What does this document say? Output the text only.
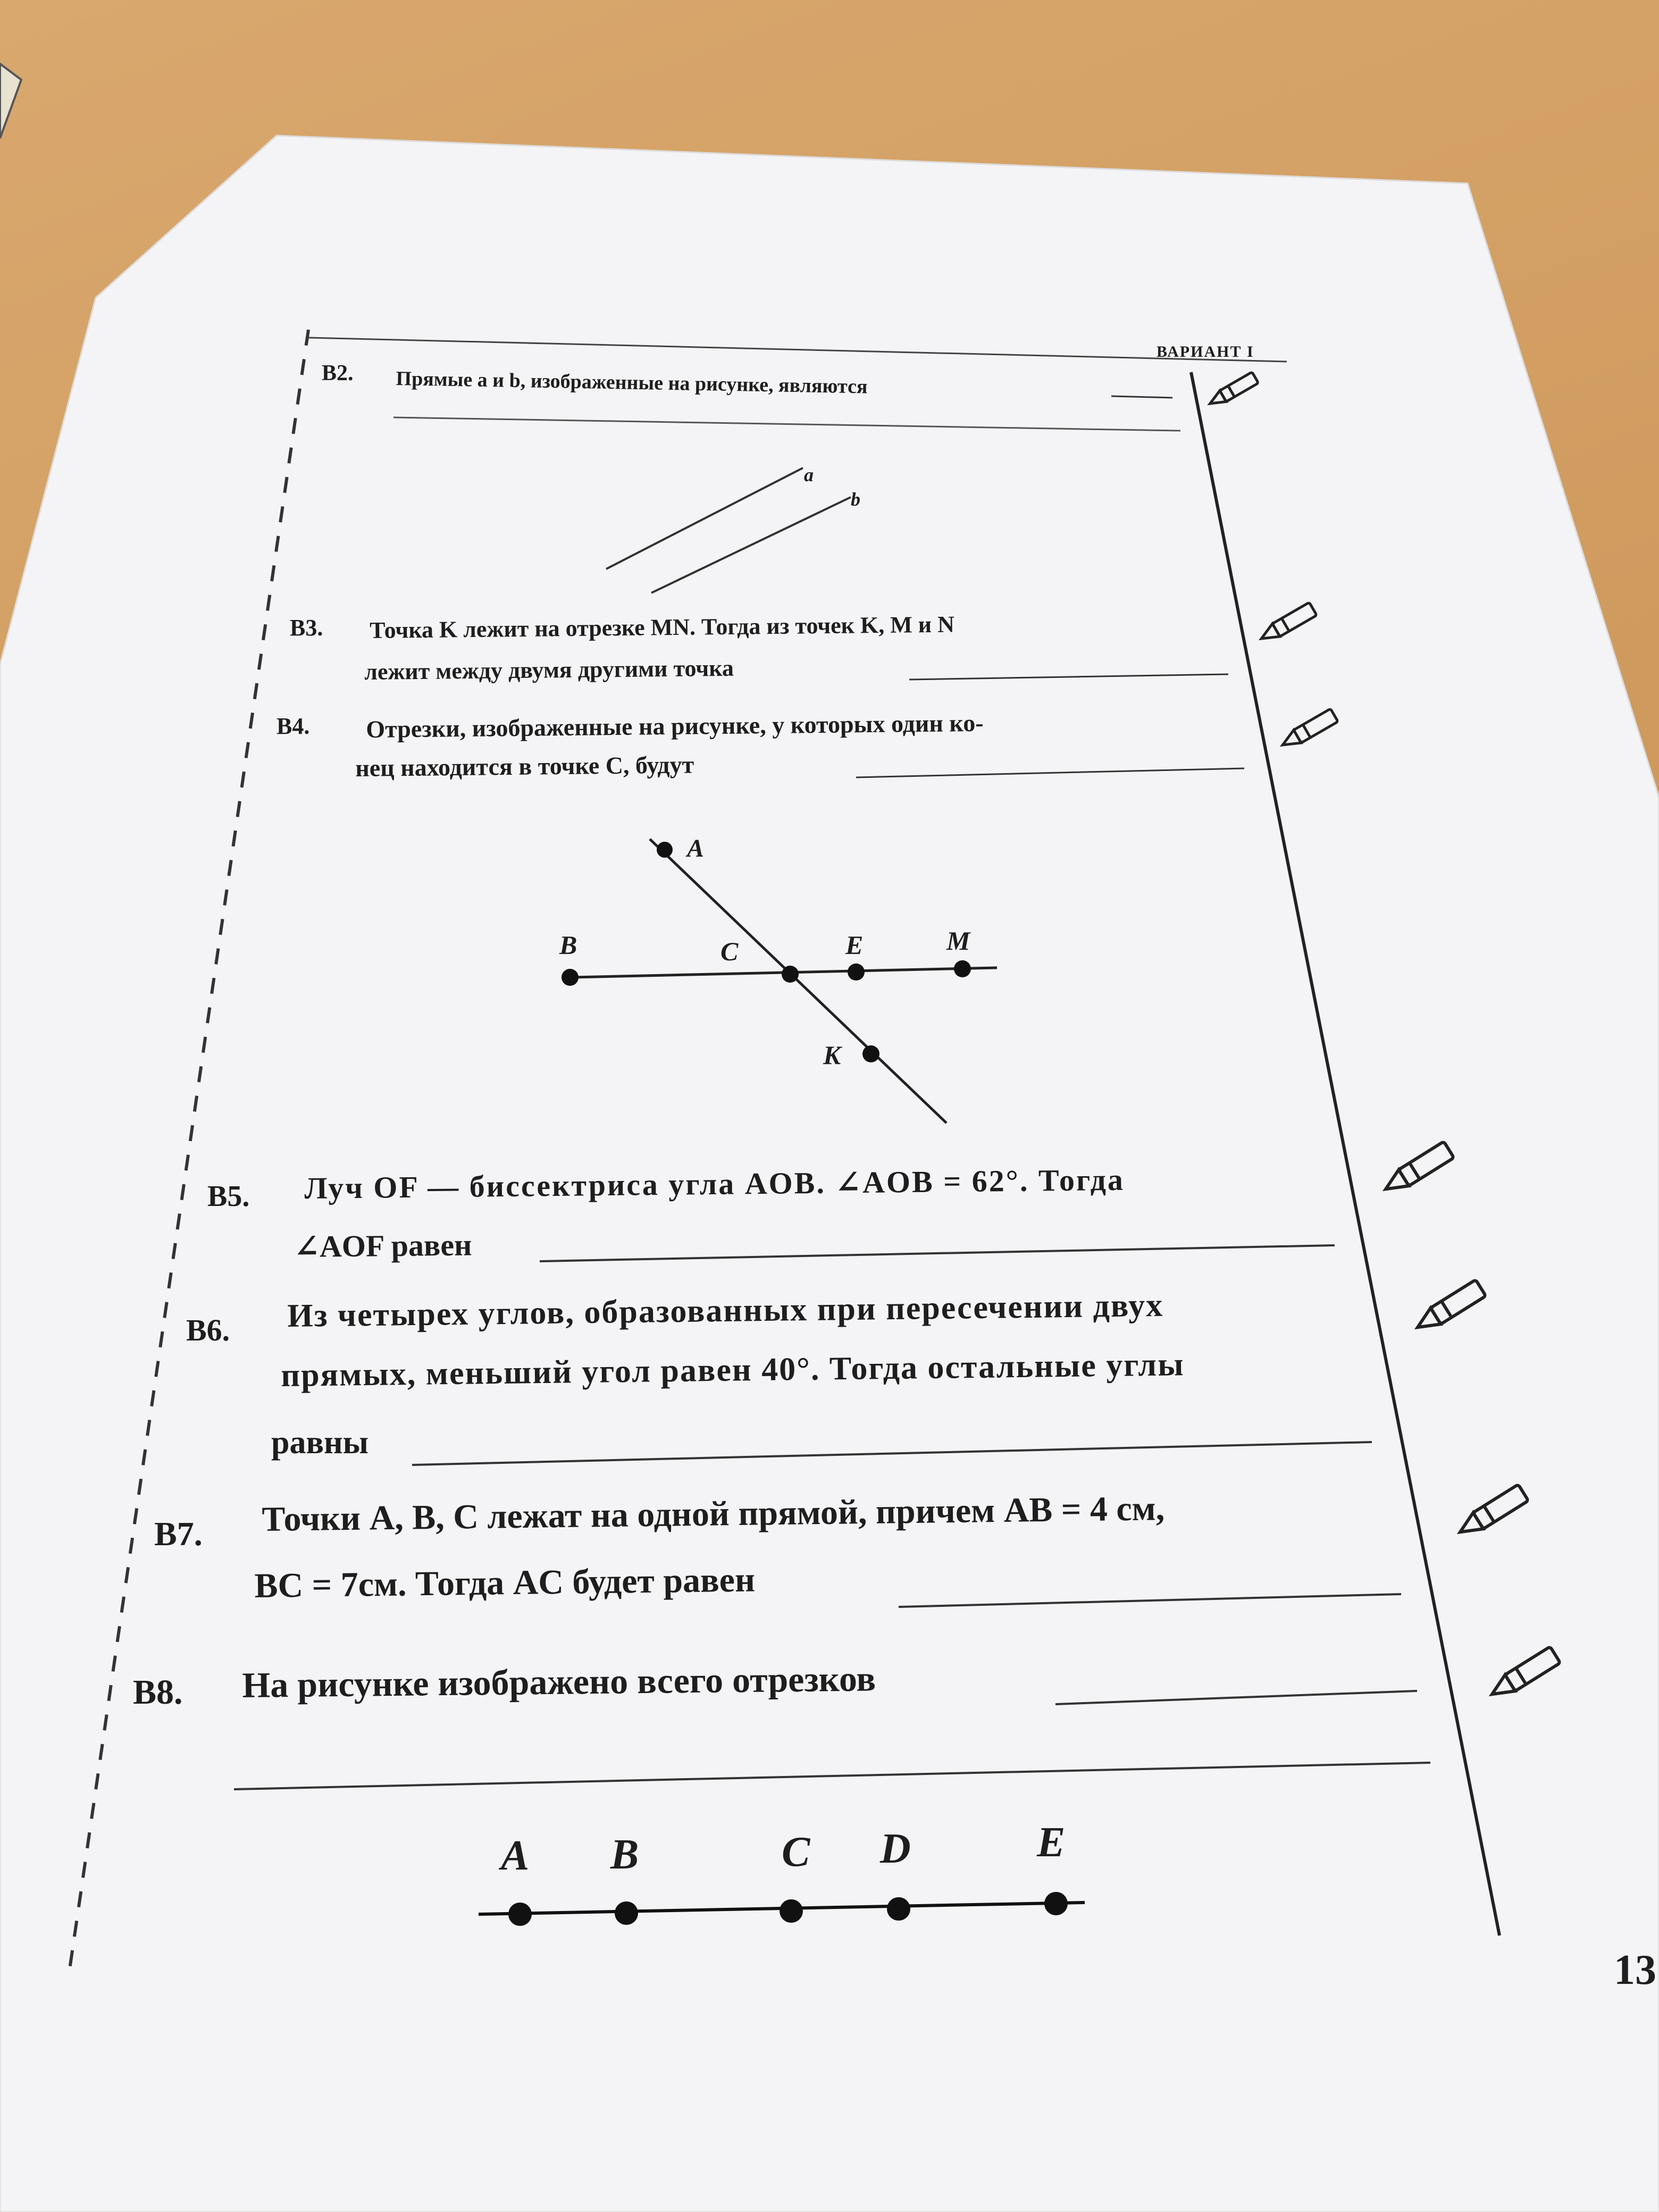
ВАРИАНТ I
В2. Прямые a и b, изображенные на рисунке, являются
a
b
В3. Точка K лежит на отрезке MN. Тогда из точек K, M и N
лежит между двумя другими точка
В4. Отрезки, изображенные на рисунке, у которых один ко-
нец находится в точке C, будут
A
B	C	E	M
K
В5. Луч OF — биссектриса угла AOB. ∠AOB = 62°. Тогда
∠AOF равен
В6. Из четырех углов, образованных при пересечении двух
прямых, меньший угол равен 40°. Тогда остальные углы
равны
В7. Точки A, B, C лежат на одной прямой, причем AB = 4 см,
BC = 7см. Тогда AC будет равен
В8. На рисунке изображено всего отрезков
A B	C D	E
13
